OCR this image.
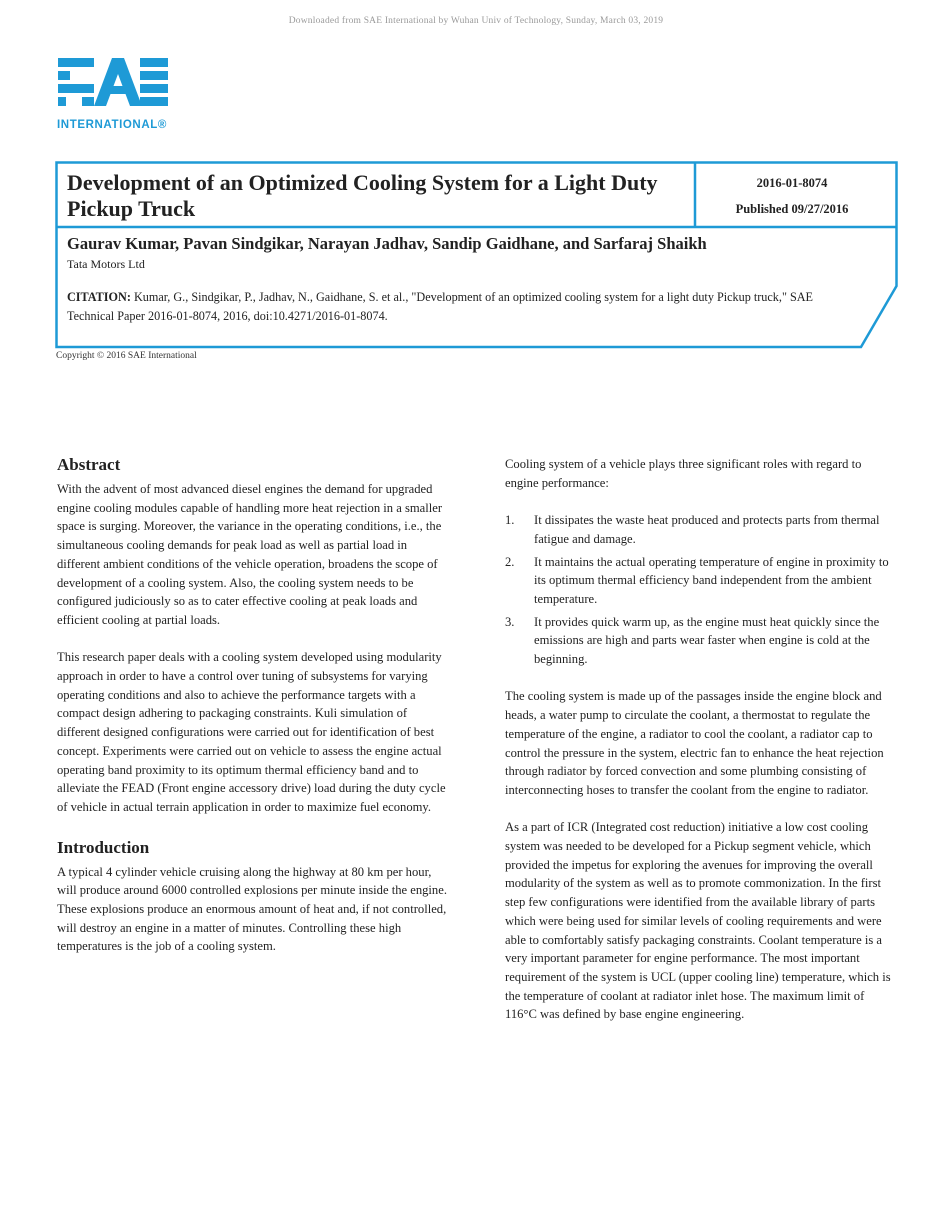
Downloaded from SAE International by Wuhan Univ of Technology, Sunday, March 03, 2019
INTERNATIONAL®
Development of an Optimized Cooling System for a Light Duty Pickup Truck
2016-01-8074
Published 09/27/2016
Gaurav Kumar, Pavan Sindgikar, Narayan Jadhav, Sandip Gaidhane, and Sarfaraj Shaikh
Tata Motors Ltd
CITATION: Kumar, G., Sindgikar, P., Jadhav, N., Gaidhane, S. et al., "Development of an optimized cooling system for a light duty Pickup truck," SAE Technical Paper 2016-01-8074, 2016, doi:10.4271/2016-01-8074.
Copyright © 2016 SAE International
Abstract

With the advent of most advanced diesel engines the demand for upgraded engine cooling modules capable of handling more heat rejection in a smaller space is surging. Moreover, the variance in the operating conditions, i.e., the simultaneous cooling demands for peak load as well as partial load in different ambient conditions of the vehicle operation, broadens the scope of development of a cooling system. Also, the cooling system needs to be configured judiciously so as to cater effective cooling at peak loads and efficient cooling at partial loads.

This research paper deals with a cooling system developed using modularity approach in order to have a control over tuning of subsystems for varying operating conditions and also to achieve the performance targets with a compact design adhering to packaging constraints. Kuli simulation of different designed configurations were carried out for identification of best concept. Experiments were carried out on vehicle to assess the engine actual operating band proximity to its optimum thermal efficiency band and to alleviate the FEAD (Front engine accessory drive) load during the duty cycle of vehicle in actual terrain application in order to maximize fuel economy.

Introduction

A typical 4 cylinder vehicle cruising along the highway at 80 km per hour, will produce around 6000 controlled explosions per minute inside the engine. These explosions produce an enormous amount of heat and, if not controlled, will destroy an engine in a matter of minutes. Controlling these high temperatures is the job of a cooling system.

Cooling system of a vehicle plays three significant roles with regard to engine performance:

1. It dissipates the waste heat produced and protects parts from thermal fatigue and damage.
2. It maintains the actual operating temperature of engine in proximity to its optimum thermal efficiency band independent from the ambient temperature.
3. It provides quick warm up, as the engine must heat quickly since the emissions are high and parts wear faster when engine is cold at the beginning.

The cooling system is made up of the passages inside the engine block and heads, a water pump to circulate the coolant, a thermostat to regulate the temperature of the engine, a radiator to cool the coolant, a radiator cap to control the pressure in the system, electric fan to enhance the heat rejection through radiator by forced convection and some plumbing consisting of interconnecting hoses to transfer the coolant from the engine to radiator.

As a part of ICR (Integrated cost reduction) initiative a low cost cooling system was needed to be developed for a Pickup segment vehicle, which provided the impetus for exploring the avenues for improving the overall modularity of the system as well as to promote commonization. In the first step few configurations were identified from the available library of parts which were being used for similar levels of cooling requirements and were able to comfortably satisfy packaging constraints. Coolant temperature is a very important parameter for engine performance. The most important requirement of the system is UCL (upper cooling line) temperature, which is the temperature of coolant at radiator inlet hose. The maximum limit of 116°C was defined by base engine engineering.
